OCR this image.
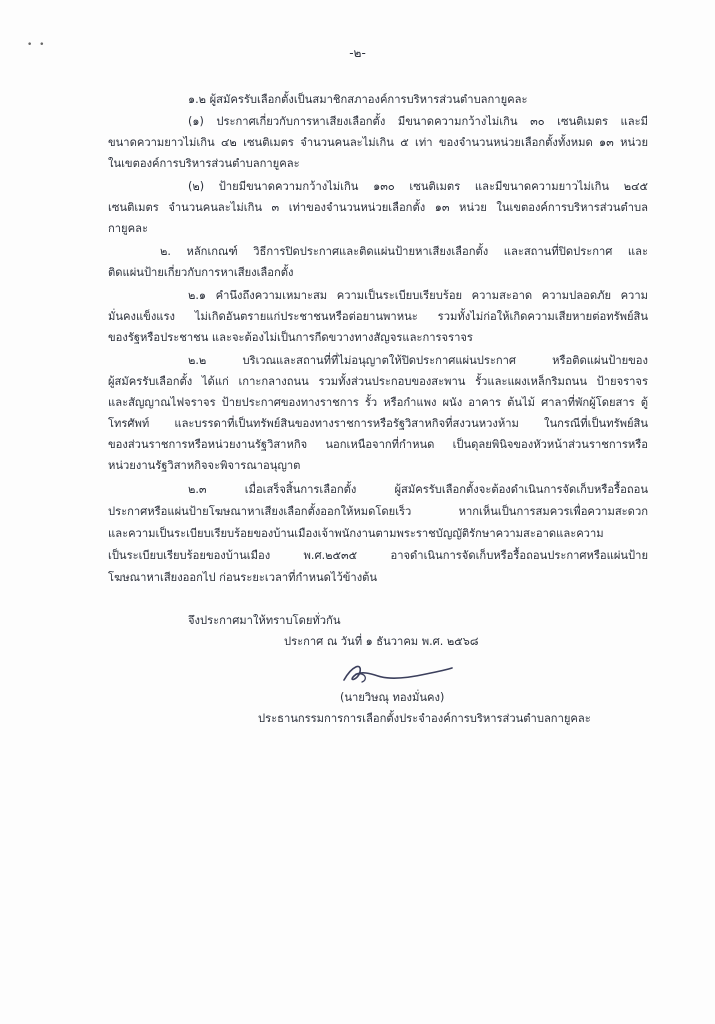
• •
-๒-
๑.๒ ผู้สมัครรับเลือกตั้งเป็นสมาชิกสภาองค์การบริหารส่วนตำบลกายูคละ
(๑) ประกาศเกี่ยวกับการหาเสียงเลือกตั้ง มีขนาดความกว้างไม่เกิน ๓๐ เซนติเมตร และมี
ขนาดความยาวไม่เกิน ๔๒ เซนติเมตร จำนวนคนละไม่เกิน ๕ เท่า ของจำนวนหน่วยเลือกตั้งทั้งหมด ๑๓ หน่วย
ในเขตองค์การบริหารส่วนตำบลกายูคละ
(๒) ป้ายมีขนาดความกว้างไม่เกิน ๑๓๐ เซนติเมตร และมีขนาดความยาวไม่เกิน ๒๔๕
เซนติเมตร จำนวนคนละไม่เกิน ๓ เท่าของจำนวนหน่วยเลือกตั้ง ๑๓ หน่วย ในเขตองค์การบริหารส่วนตำบล
กายูคละ
๒. หลักเกณฑ์ วิธีการปิดประกาศและติดแผ่นป้ายหาเสียงเลือกตั้ง และสถานที่ปิดประกาศ และ
ติดแผ่นป้ายเกี่ยวกับการหาเสียงเลือกตั้ง
๒.๑ คำนึงถึงความเหมาะสม ความเป็นระเบียบเรียบร้อย ความสะอาด ความปลอดภัย ความ
มั่นคงแข็งแรง ไม่เกิดอันตรายแก่ประชาชนหรือต่อยานพาหนะ รวมทั้งไม่ก่อให้เกิดความเสียหายต่อทรัพย์สิน
ของรัฐหรือประชาชน และจะต้องไม่เป็นการกีดขวางทางสัญจรและการจราจร
๒.๒ บริเวณและสถานที่ที่ไม่อนุญาตให้ปิดประกาศแผ่นประกาศ หรือติดแผ่นป้ายของ
ผู้สมัครรับเลือกตั้ง ได้แก่ เกาะกลางถนน รวมทั้งส่วนประกอบของสะพาน รั้วและแผงเหล็กริมถนน ป้ายจราจร
และสัญญาณไฟจราจร ป้ายประกาศของทางราชการ รั้ว หรือกำแพง ผนัง อาคาร ต้นไม้ ศาลาที่พักผู้โดยสาร ตู้
โทรศัพท์ และบรรดาที่เป็นทรัพย์สินของทางราชการหรือรัฐวิสาหกิจที่สงวนหวงห้าม ในกรณีที่เป็นทรัพย์สิน
ของส่วนราชการหรือหน่วยงานรัฐวิสาหกิจ นอกเหนือจากที่กำหนด เป็นดุลยพินิจของหัวหน้าส่วนราชการหรือ
หน่วยงานรัฐวิสาหกิจจะพิจารณาอนุญาต
๒.๓ เมื่อเสร็จสิ้นการเลือกตั้ง ผู้สมัครรับเลือกตั้งจะต้องดำเนินการจัดเก็บหรือรื้อถอน
ประกาศหรือแผ่นป้ายโฆษณาหาเสียงเลือกตั้งออกให้หมดโดยเร็ว หากเห็นเป็นการสมควรเพื่อความสะดวก
และความเป็นระเบียบเรียบร้อยของบ้านเมืองเจ้าพนักงานตามพระราชบัญญัติรักษาความสะอาดและความ
เป็นระเบียบเรียบร้อยของบ้านเมือง พ.ศ.๒๕๓๕ อาจดำเนินการจัดเก็บหรือรื้อถอนประกาศหรือแผ่นป้าย
โฆษณาหาเสียงออกไป ก่อนระยะเวลาที่กำหนดไว้ข้างต้น
จึงประกาศมาให้ทราบโดยทั่วกัน
ประกาศ ณ วันที่ ๑ ธันวาคม พ.ศ. ๒๕๖๘
(นายวิษณุ ทองมั่นคง)
ประธานกรรมการการเลือกตั้งประจำองค์การบริหารส่วนตำบลกายูคละ
